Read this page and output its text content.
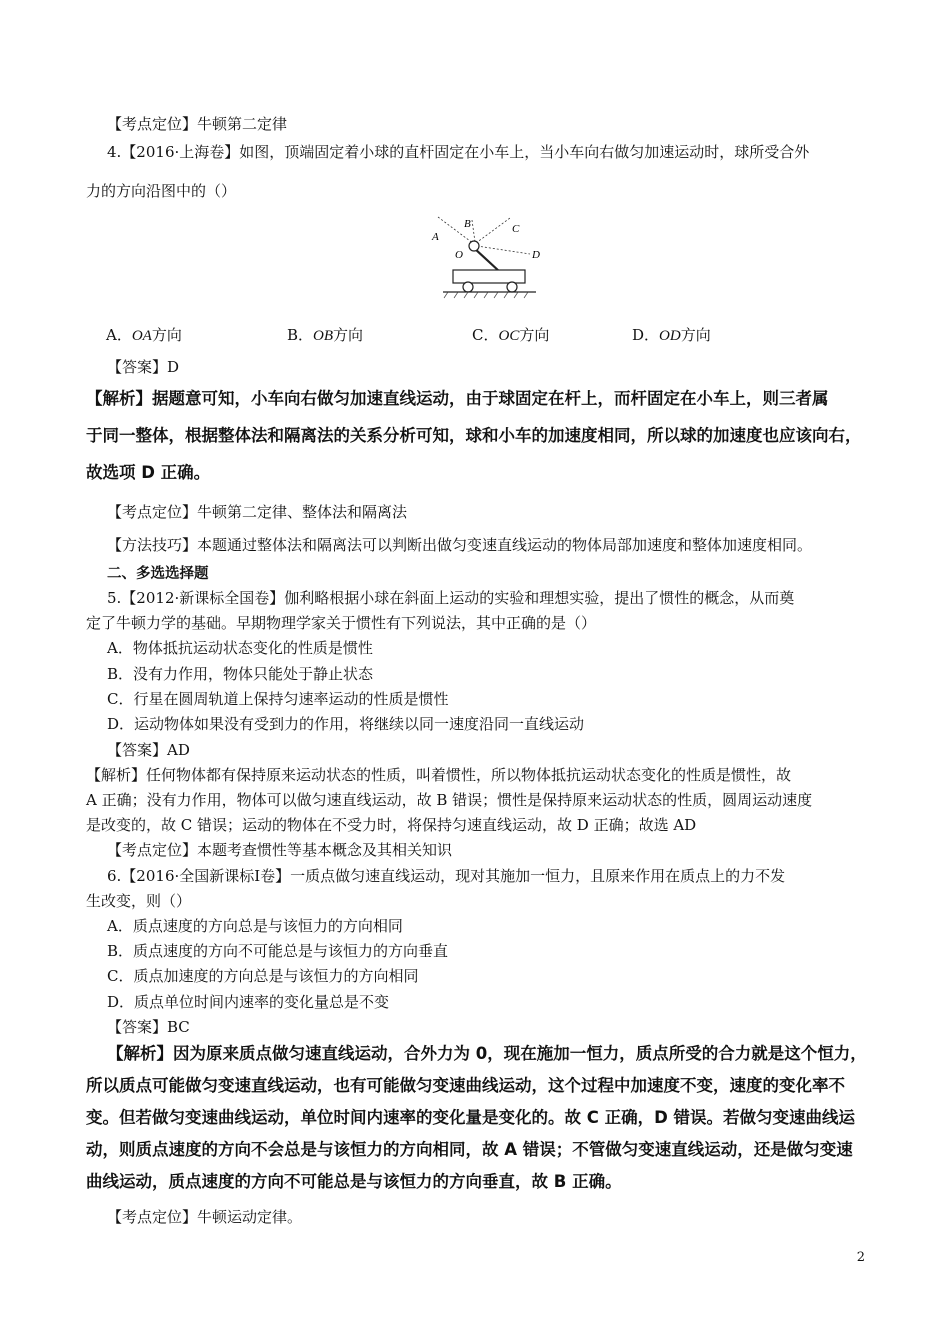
【考点定位】牛顿第二定律
4.【2016·上海卷】如图，顶端固定着小球的直杆固定在小车上，当小车向右做匀加速运动时，球所受合外
力的方向沿图中的（）
A
B	C
D
O
A．OA方向	B．OB方向	C．OC方向	D．OD方向
【答案】D
【解析】据题意可知，小车向右做匀加速直线运动，由于球固定在杆上，而杆固定在小车上，则三者属
于同一整体，根据整体法和隔离法的关系分析可知，球和小车的加速度相同，所以球的加速度也应该向右，
故选项 D 正确。
【考点定位】牛顿第二定律、整体法和隔离法
【方法技巧】本题通过整体法和隔离法可以判断出做匀变速直线运动的物体局部加速度和整体加速度相同。
二、多选选择题
5.【2012·新课标全国卷】伽利略根据小球在斜面上运动的实验和理想实验，提出了惯性的概念，从而奠
定了牛顿力学的基础。早期物理学家关于惯性有下列说法，其中正确的是（）
A．物体抵抗运动状态变化的性质是惯性
B．没有力作用，物体只能处于静止状态
C．行星在圆周轨道上保持匀速率运动的性质是惯性
D．运动物体如果没有受到力的作用，将继续以同一速度沿同一直线运动
【答案】AD
【解析】任何物体都有保持原来运动状态的性质，叫着惯性，所以物体抵抗运动状态变化的性质是惯性，故
A 正确；没有力作用，物体可以做匀速直线运动，故 B 错误；惯性是保持原来运动状态的性质，圆周运动速度
是改变的，故 C 错误；运动的物体在不受力时，将保持匀速直线运动，故 D 正确；故选 AD
【考点定位】本题考查惯性等基本概念及其相关知识
6.【2016·全国新课标Ⅰ卷】一质点做匀速直线运动，现对其施加一恒力，且原来作用在质点上的力不发
生改变，则（）
A．质点速度的方向总是与该恒力的方向相同
B．质点速度的方向不可能总是与该恒力的方向垂直
C．质点加速度的方向总是与该恒力的方向相同
D．质点单位时间内速率的变化量总是不变
【答案】BC
【解析】因为原来质点做匀速直线运动，合外力为 0，现在施加一恒力，质点所受的合力就是这个恒力，
所以质点可能做匀变速直线运动，也有可能做匀变速曲线运动，这个过程中加速度不变，速度的变化率不
变。但若做匀变速曲线运动，单位时间内速率的变化量是变化的。故 C 正确，D 错误。若做匀变速曲线运
动，则质点速度的方向不会总是与该恒力的方向相同，故 A 错误；不管做匀变速直线运动，还是做匀变速
曲线运动，质点速度的方向不可能总是与该恒力的方向垂直，故 B 正确。
【考点定位】牛顿运动定律。
2
